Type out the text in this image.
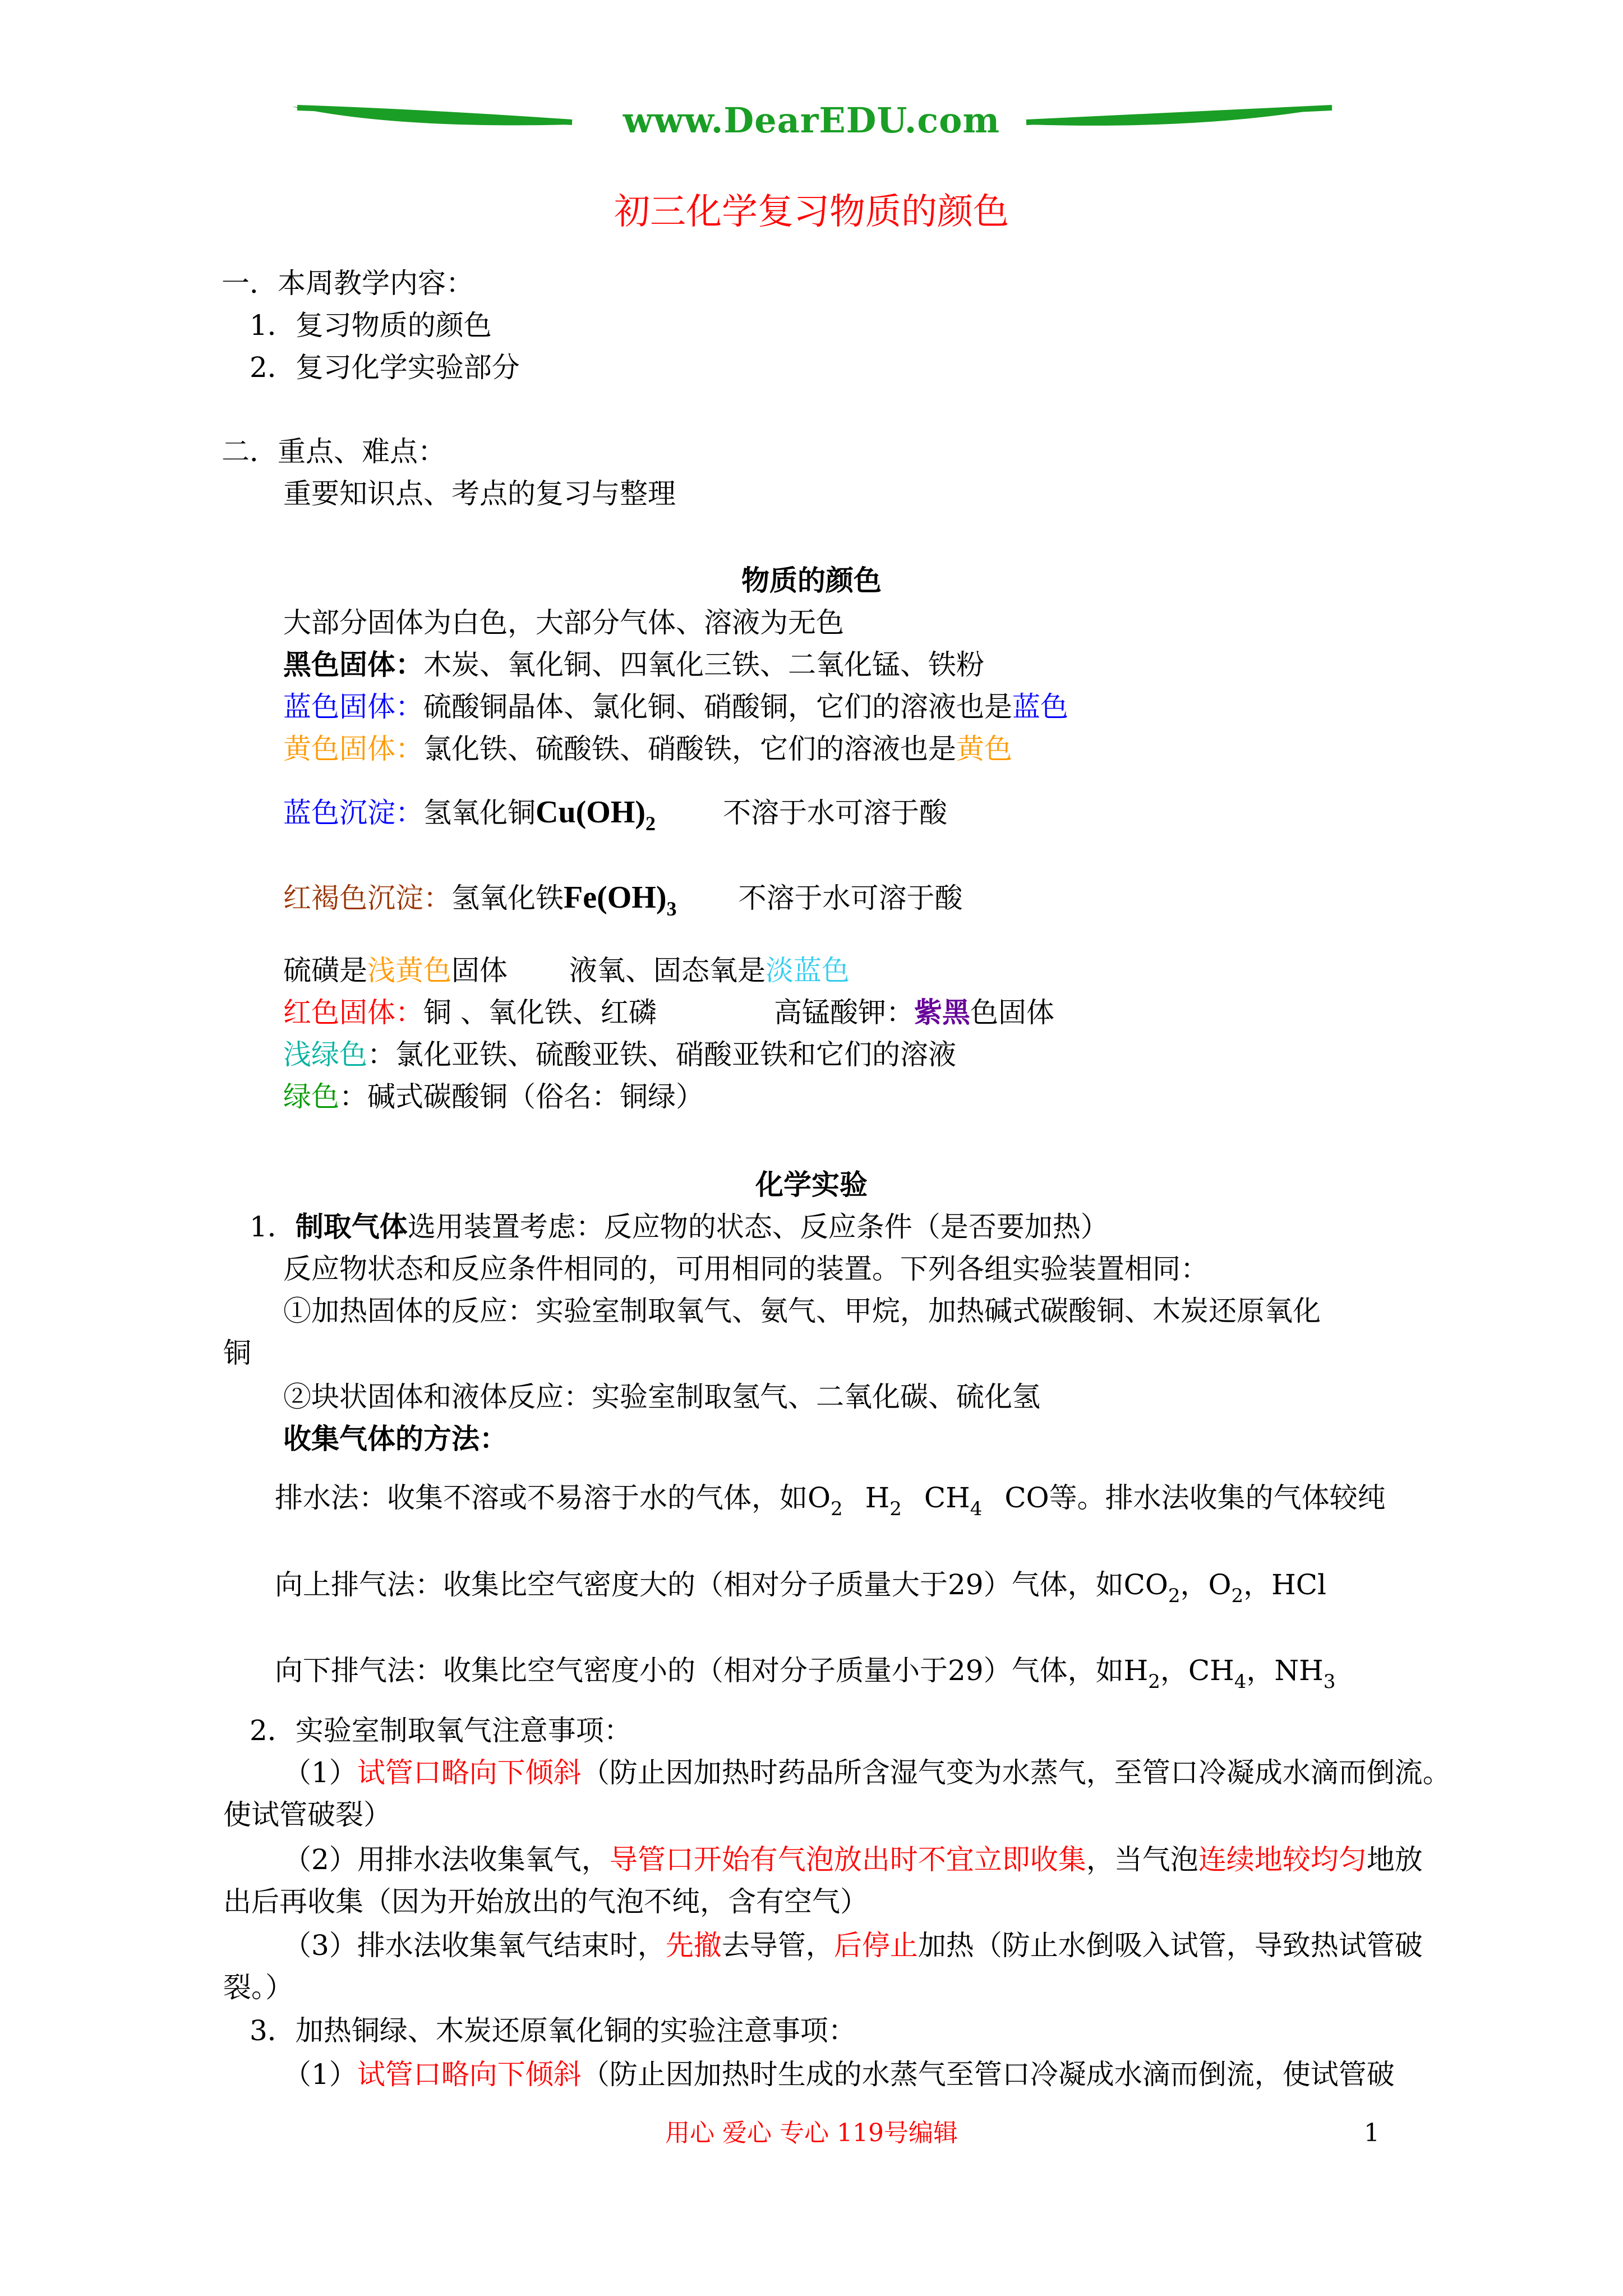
www.DearEDU.com
初三化学复习物质的颜色
一．本周教学内容：
1．复习物质的颜色
2．复习化学实验部分
二．重点、难点：
重要知识点、考点的复习与整理
物质的颜色
大部分固体为白色，大部分气体、溶液为无色
黑色固体：木炭、氧化铜、四氧化三铁、二氧化锰、铁粉
蓝色固体：硫酸铜晶体、氯化铜、硝酸铜，它们的溶液也是蓝色
黄色固体：氯化铁、硫酸铁、硝酸铁，它们的溶液也是黄色
蓝色沉淀：氢氧化铜$Cu(OH)_2$ 不溶于水可溶于酸
红褐色沉淀：氢氧化铁$Fe(OH)_3$ 不溶于水可溶于酸
硫磺是浅黄色固体 液氧、固态氧是淡蓝色
红色固体：铜 、氧化铁、红磷	高锰酸钾：紫黑色固体
浅绿色：氯化亚铁、硫酸亚铁、硝酸亚铁和它们的溶液
绿色：碱式碳酸铜（俗名：铜绿）
化学实验
1．制取气体选用装置考虑：反应物的状态、反应条件（是否要加热）
反应物状态和反应条件相同的，可用相同的装置。下列各组实验装置相同：
①加热固体的反应：实验室制取氧气、氨气、甲烷，加热碱式碳酸铜、木炭还原氧化
铜
②块状固体和液体反应：实验室制取氢气、二氧化碳、硫化氢
收集气体的方法：
排水法：收集不溶或不易溶于水的气体，如$O_2$ $H_2$ $CH_4$ CO等。排水法收集的气体较纯
向上排气法：收集比空气密度大的（相对分子质量大于29）气体，如$CO_2$，$O_2$，HCl
向下排气法：收集比空气密度小的（相对分子质量小于29）气体，如$H_2$，$CH_4$，$NH_3$
2．实验室制取氧气注意事项：
（1）试管口略向下倾斜（防止因加热时药品所含湿气变为水蒸气，至管口冷凝成水滴而倒流。
使试管破裂）
（2）用排水法收集氧气，导管口开始有气泡放出时不宜立即收集，当气泡连续地较均匀地放
出后再收集（因为开始放出的气泡不纯，含有空气）
（3）排水法收集氧气结束时，先撤去导管，后停止加热（防止水倒吸入试管，导致热试管破
裂。）
3．加热铜绿、木炭还原氧化铜的实验注意事项：
（1）试管口略向下倾斜（防止因加热时生成的水蒸气至管口冷凝成水滴而倒流，使试管破
用心 爱心 专心 119号编辑	1
